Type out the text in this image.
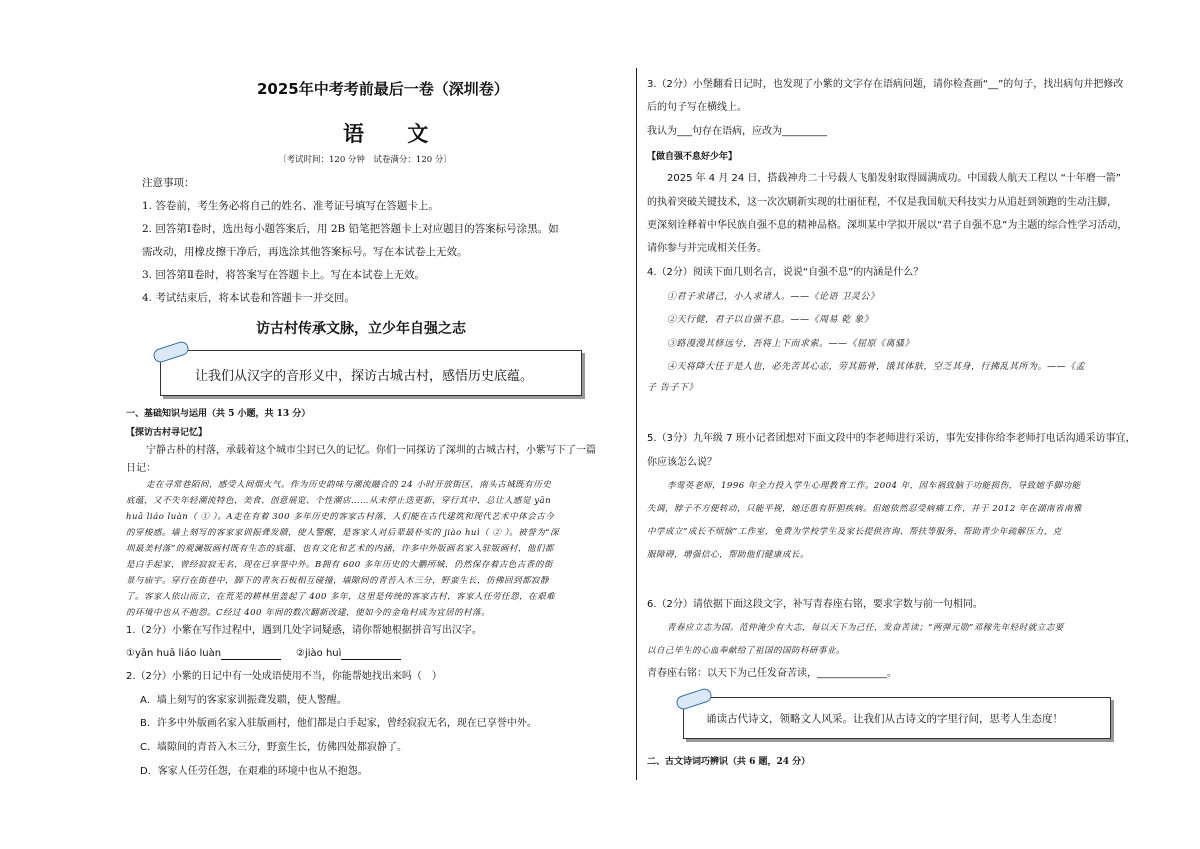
2025年中考考前最后一卷（深圳卷）
语 文
〔考试时间：120 分钟　试卷满分：120 分〕
注意事项：
1. 答卷前，考生务必将自己的姓名、准考证号填写在答题卡上。
2. 回答第Ⅰ卷时，选出每小题答案后，用 2B 铅笔把答题卡上对应题目的答案标号涂黑。如
需改动，用橡皮擦干净后，再选涂其他答案标号。写在本试卷上无效。
3. 回答第Ⅱ卷时，将答案写在答题卡上。写在本试卷上无效。
4. 考试结束后，将本试卷和答题卡一并交回。
访古村传承文脉，立少年自强之志
让我们从汉字的音形义中，探访古城古村，感悟历史底蕴。
一、基础知识与运用（共 5 小题，共 13 分）
【探访古村寻记忆】
宁静古朴的村落，承载着这个城市尘封已久的记忆。你们一同探访了深圳的古城古村，小紫写下了一篇
日记：
走在寻常巷陌间，感受人间烟火气。作为历史韵味与潮流融合的 24 小时开放街区，南头古城既有历史
底蕴，又不失年轻潮流特色，美食、创意展览、个性潮店……从未停止迭更新，穿行其中，总让人感觉 yān
huā liáo luàn（ ① ）。A走在有着 300 多年历史的客家古村落，人们能在古代建筑和现代艺术中体会古今
的穿梭感。墙上刻写的客家家训振聋发聩，使人警醒，是客家人对后辈最朴实的 jiào huì（ ② ）。被誉为“深
圳最美村落”的观澜版画村既有生态的底蕴，也有文化和艺术的内涵，许多中外版画名家入驻版画村，他们都
是白手起家，曾经寂寂无名，现在已享誉中外。B拥有 600 多年历史的大鹏所城，仍然保存着古色古香的街
景与庙宇。穿行在街巷中，脚下的青灰石板相互碰撞，墙隙间的青苔入木三分，野蛮生长，仿佛回到都寂静
了。客家人依山而立，在荒芜的耕林里盖起了 400 多年，这里是传统的客家古村，客家人任劳任怨，在艰难
的环境中也从不抱怨。C经过 400 年间的数次翻新改建，使如今的金龟村成为宜居的村落。
1.（2分）小紫在写作过程中，遇到几处字词疑惑，请你帮她根据拼音写出汉字。
①yān huā liáo luàn	②jiào huì
2.（2分）小紫的日记中有一处成语使用不当，你能帮她找出来吗（　）
A．墙上刻写的客家家训振聋发聩，使人警醒。
B．许多中外版画名家入驻版画村，他们都是白手起家，曾经寂寂无名，现在已享誉中外。
C．墙隙间的青苔入木三分，野蛮生长，仿佛四处都寂静了。
D．客家人任劳任怨，在艰难的环境中也从不抱怨。
3.（2分）小堡翻看日记时，也发现了小紫的文字存在语病问题，请你检查画“__”的句子，找出病句并把修改
后的句子写在横线上。
我认为___句存在语病，应改为_________
【做自强不息好少年】
2025 年 4 月 24 日，搭载神舟二十号载人飞船发射取得圆满成功。中国载人航天工程以 “十年磨一箭”
的执着突破关键技术，这一次次刷新实现的壮丽征程，不仅是我国航天科技实力从追赶到领跑的生动注脚，
更深刻诠释着中华民族自强不息的精神品格。深圳某中学拟开展以“君子自强不息”为主题的综合性学习活动，
请你参与并完成相关任务。
4.（2分）阅读下面几则名言，说说“自强不息”的内涵是什么？
①君子求诸己，小人求诸人。——《论语 卫灵公》
②天行健，君子以自强不息。——《周易 乾 象》
③路漫漫其修远兮，吾将上下而求索。——《屈原《离骚》
④天将降大任于是人也，必先苦其心志，劳其筋骨，饿其体肤，空乏其身，行拂乱其所为。——《孟
子 告子下》
5.（3分）九年级 7 班小记者团想对下面文段中的李老师进行采访，事先安排你给李老师打电话沟通采访事宜，
你应该怎么说？
李莺英老师，1996 年全力投入学生心理教育工作。2004 年，因车祸致脑干功能损伤，导致她手脚功能
失调，脖子不方便转动，只能平视，她还患有肝胆疾病。但她依然忍受病痛工作，并于 2012 年在湖南省南雅
中学成立“成长不烦恼”工作室，免费为学校学生及家长提供咨询、帮扶等服务，帮助青少年疏解压力，克
服障碍，增强信心，帮助他们健康成长。
6.（2分）请依据下面这段文字，补写青春座右铭，要求字数与前一句相同。
青春应立志为国。范仲淹少有大志，每以天下为己任，发奋苦读；“两弹元勋”邓稼先年轻时就立志要
以自己毕生的心血奉献给了祖国的国防科研事业。
青春座右铭：以天下为己任发奋苦读，______________。
诵读古代诗文，领略文人风采。让我们从古诗文的字里行间，思考人生态度！
二、古文诗词巧辨识（共 6 题，24 分）
